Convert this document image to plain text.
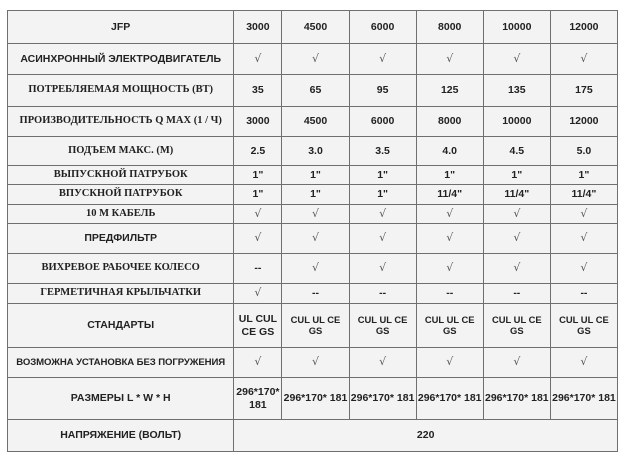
JFP	3000	4500	6000	8000	10000	12000
АСИНХРОННЫЙ ЭЛЕКТРОДВИГАТЕЛЬ	√	√	√	√	√	√
ПОТРЕБЛЯЕМАЯ МОЩНОСТЬ (ВТ)	35	65	95	125	135	175
ПРОИЗВОДИТЕЛЬНОСТЬ Q MAX (1 / Ч)	3000	4500	6000	8000	10000	12000
ПОДЪЕМ МАКС. (М)	2.5	3.0	3.5	4.0	4.5	5.0
ВЫПУСКНОЙ ПАТРУБОК	1"	1"	1"	1"	1"	1"
ВПУСКНОЙ ПАТРУБОК	1"	1"	1"	11/4"	11/4"	11/4"
10 М КАБЕЛЬ	√	√	√	√	√	√
ПРЕДФИЛЬТР	√	√	√	√	√	√
ВИХРЕВОЕ РАБОЧЕЕ КОЛЕСО	--	√	√	√	√	√
ГЕРМЕТИЧНАЯ КРЫЛЬЧАТКИ	√	--	--	--	--	--
СТАНДАРТЫ	UL CUL CE GS	CUL UL CE GS	CUL UL CE GS	CUL UL CE GS	CUL UL CE GS	CUL UL CE GS
ВОЗМОЖНА УСТАНОВКА БЕЗ ПОГРУЖЕНИЯ	√	√	√	√	√	√
РАЗМЕРЫ L * W * H	296*170* 181	296*170* 181	296*170* 181	296*170* 181	296*170* 181	296*170* 181
НАПРЯЖЕНИЕ (ВОЛЬТ)	220					
